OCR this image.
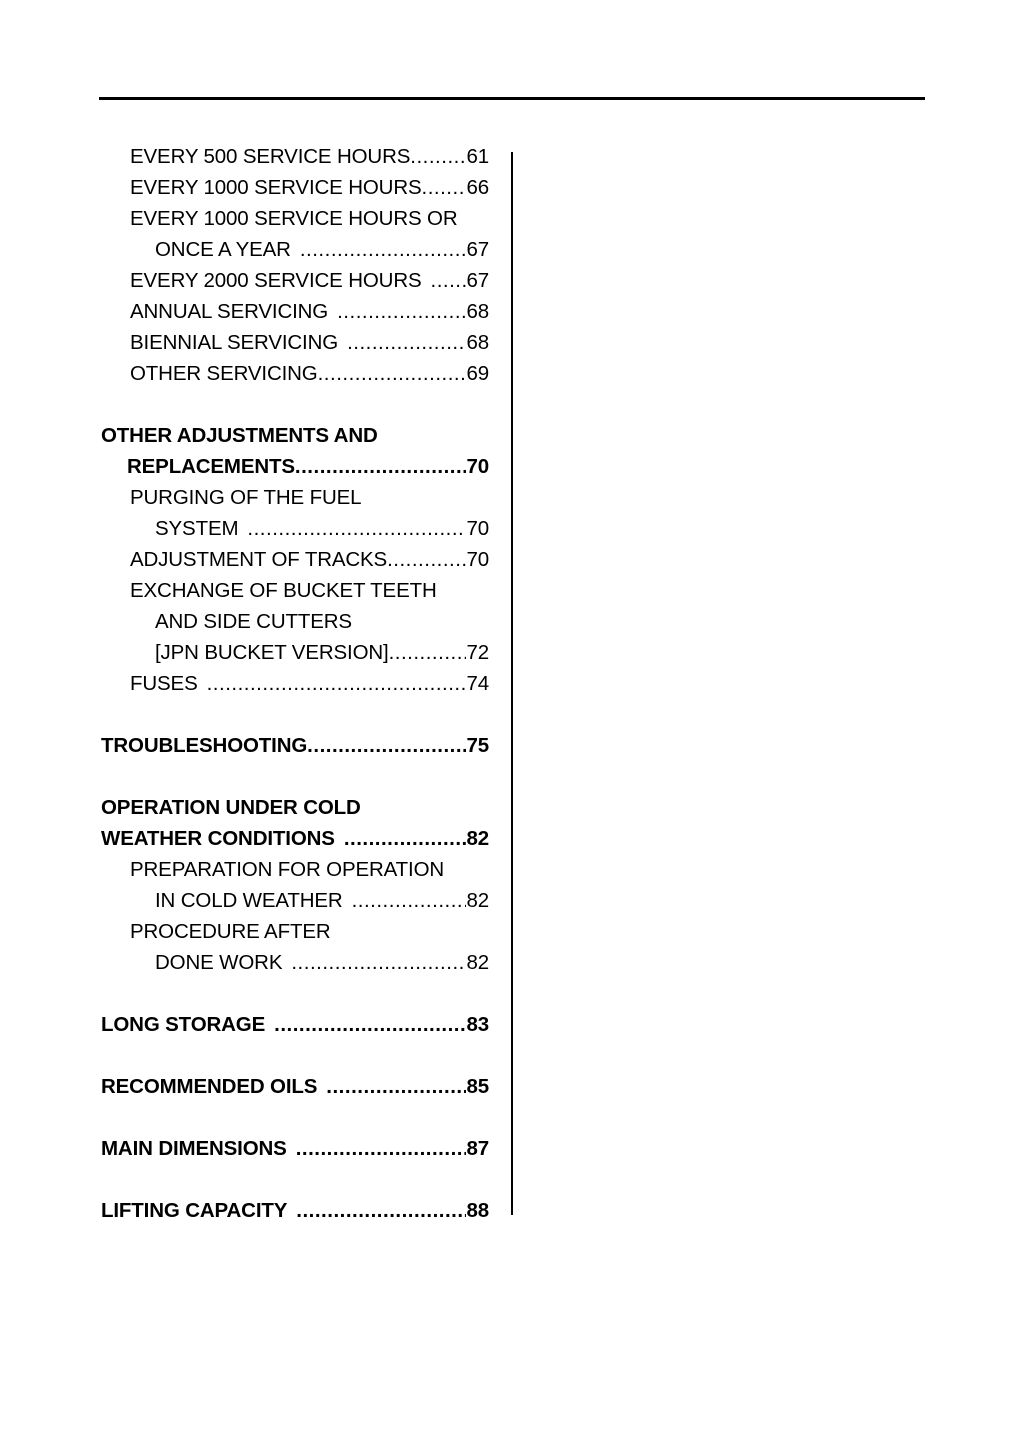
EVERY 500 SERVICE HOURS .....	61
EVERY 1000 SERVICE HOURS ..... 66
EVERY 1000 SERVICE HOURS OR
ONCE A YEAR .....	67
EVERY 2000 SERVICE HOURS ..... 67
ANNUAL SERVICING .....	68
BIENNIAL SERVICING .....	68
OTHER SERVICING .....	69
OTHER ADJUSTMENTS AND
REPLACEMENTS .....	70
PURGING OF THE FUEL
SYSTEM .....	70
ADJUSTMENT OF TRACKS .....	70
EXCHANGE OF BUCKET TEETH
AND SIDE CUTTERS
[JPN BUCKET VERSION] .....	72
FUSES .....	74
TROUBLESHOOTING .....	75
OPERATION UNDER COLD
WEATHER CONDITIONS .....	82
PREPARATION FOR OPERATION
IN COLD WEATHER .....	82
PROCEDURE AFTER
DONE WORK .....	82
LONG STORAGE .....	83
RECOMMENDED OILS .....	85
MAIN DIMENSIONS .....	87
LIFTING CAPACITY .....	88
